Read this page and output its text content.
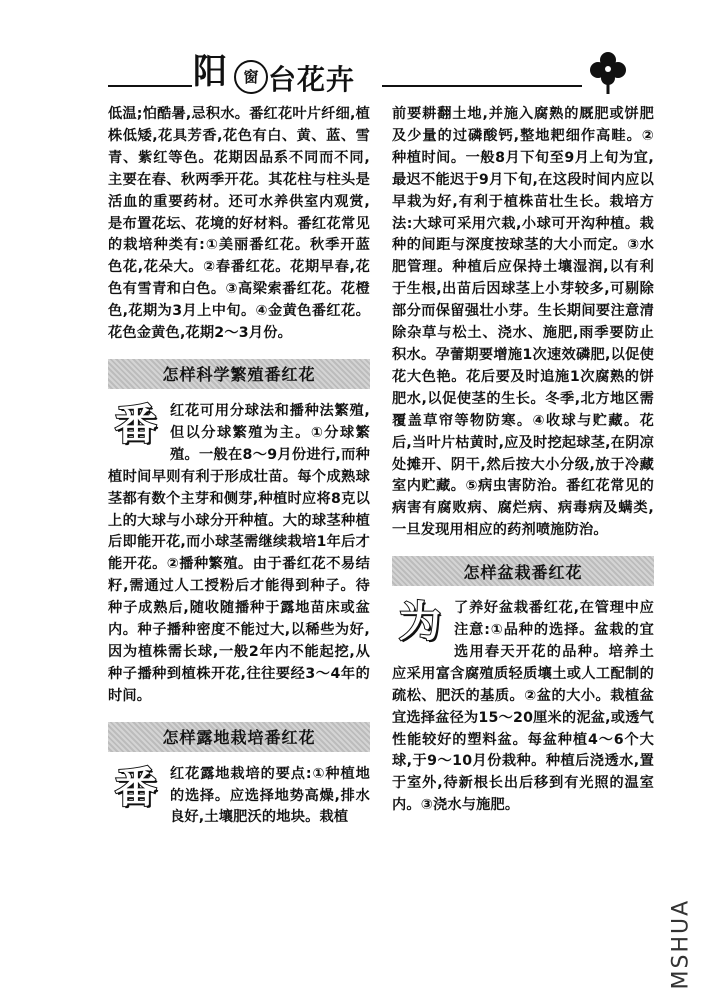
阳	窗 台花卉

低温;怕酷暑,忌积水。番红花叶片纤细,植株低矮,花具芳香,花色有白、黄、蓝、雪青、紫红等色。花期因品系不同而不同,主要在春、秋两季开花。其花柱与柱头是活血的重要药材。还可水养供室内观赏,是布置花坛、花境的好材料。番红花常见的栽培种类有:①美丽番红花。秋季开蓝色花,花朵大。②春番红花。花期早春,花色有雪青和白色。③高梁索番红花。花橙色,花期为3月上中旬。④金黄色番红花。花色金黄色,花期2～3月份。

怎样科学繁殖番红花

番红花可用分球法和播种法繁殖,但以分球繁殖为主。①分球繁殖。一般在8～9月份进行,而种植时间早则有利于形成壮苗。每个成熟球茎都有数个主芽和侧芽,种植时应将8克以上的大球与小球分开种植。大的球茎种植后即能开花,而小球茎需继续栽培1年后才能开花。②播种繁殖。由于番红花不易结籽,需通过人工授粉后才能得到种子。待种子成熟后,随收随播种于露地苗床或盆内。种子播种密度不能过大,以稀些为好,因为植株需长球,一般2年内不能起挖,从种子播种到植株开花,往往要经3～4年的时间。

怎样露地栽培番红花

番红花露地栽培的要点:①种植地的选择。应选择地势高燥,排水良好,土壤肥沃的地块。栽植

前要耕翻土地,并施入腐熟的厩肥或饼肥及少量的过磷酸钙,整地耙细作高畦。②种植时间。一般8月下旬至9月上旬为宜,最迟不能迟于9月下旬,在这段时间内应以早栽为好,有利于植株苗壮生长。栽培方法:大球可采用穴栽,小球可开沟种植。栽种的间距与深度按球茎的大小而定。③水肥管理。种植后应保持土壤湿润,以有利于生根,出苗后因球茎上小芽较多,可剔除部分而保留强壮小芽。生长期间要注意清除杂草与松土、浇水、施肥,雨季要防止积水。孕蕾期要增施1次速效磷肥,以促使花大色艳。花后要及时追施1次腐熟的饼肥水,以促使茎的生长。冬季,北方地区需覆盖草帘等物防寒。④收球与贮藏。花后,当叶片枯黄时,应及时挖起球茎,在阴凉处摊开、阴干,然后按大小分级,放于冷藏室内贮藏。⑤病虫害防治。番红花常见的病害有腐败病、腐烂病、病毒病及螨类,一旦发现用相应的药剂喷施防治。

怎样盆栽番红花

为了养好盆栽番红花,在管理中应注意:①品种的选择。盆栽的宜选用春天开花的品种。培养土应采用富含腐殖质轻质壤土或人工配制的疏松、肥沃的基质。②盆的大小。栽植盆宜选择盆径为15～20厘米的泥盆,或透气性能较好的塑料盆。每盆种植4～6个大球,于9～10月份栽种。种植后浇透水,置于室外,待新根长出后移到有光照的温室内。③浇水与施肥。

MSHUA
